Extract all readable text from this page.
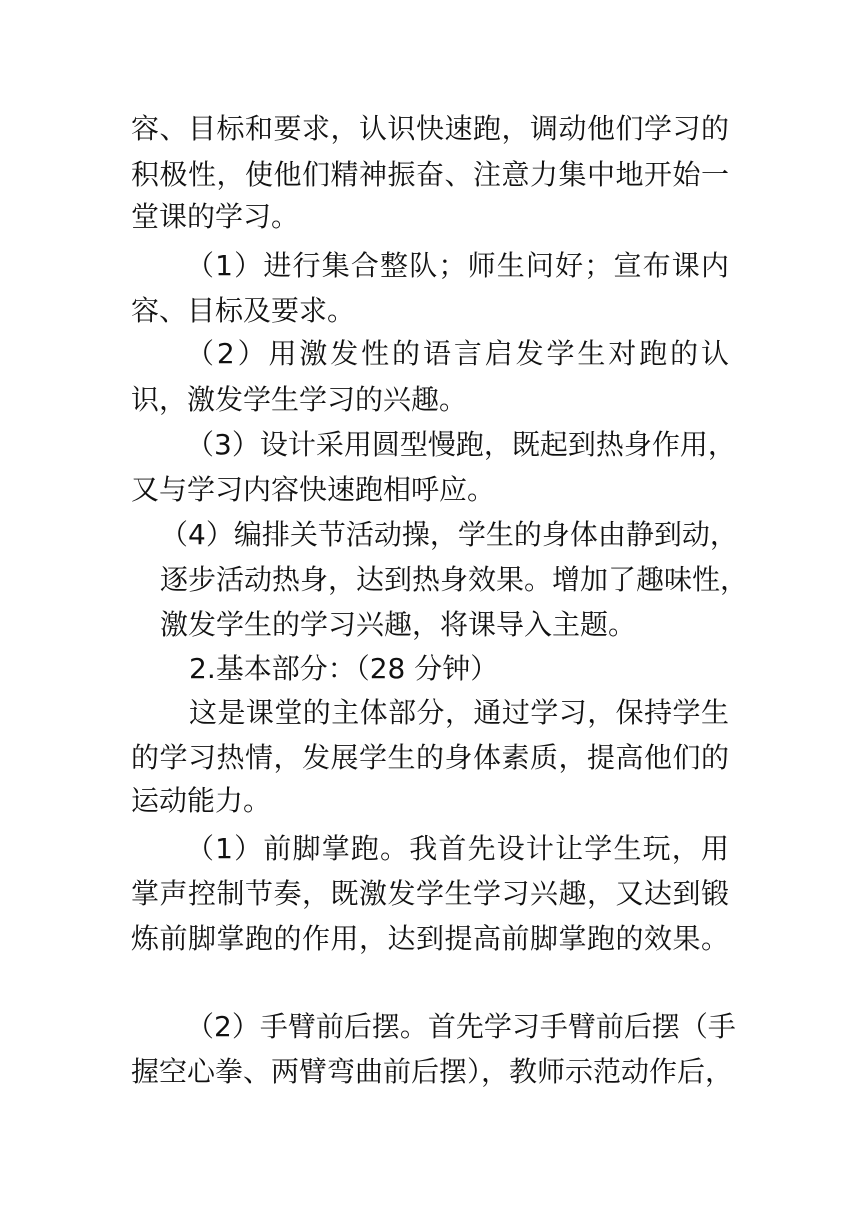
容、目标和要求，认识快速跑，调动他们学习的
积极性，使他们精神振奋、注意力集中地开始一
堂课的学习。
（1）进行集合整队；师生问好；宣布课内
容、目标及要求。
（2）用激发性的语言启发学生对跑的认
识，激发学生学习的兴趣。
（3）设计采用圆型慢跑，既起到热身作用，
又与学习内容快速跑相呼应。
（4）编排关节活动操，学生的身体由静到动，
逐步活动热身，达到热身效果。增加了趣味性，
激发学生的学习兴趣，将课导入主题。
2.基本部分：（28 分钟）
这是课堂的主体部分，通过学习，保持学生
的学习热情，发展学生的身体素质，提高他们的
运动能力。
（1）前脚掌跑。我首先设计让学生玩，用
掌声控制节奏，既激发学生学习兴趣，又达到锻
炼前脚掌跑的作用，达到提高前脚掌跑的效果。
（2）手臂前后摆。首先学习手臂前后摆（手
握空心拳、两臂弯曲前后摆），教师示范动作后，
